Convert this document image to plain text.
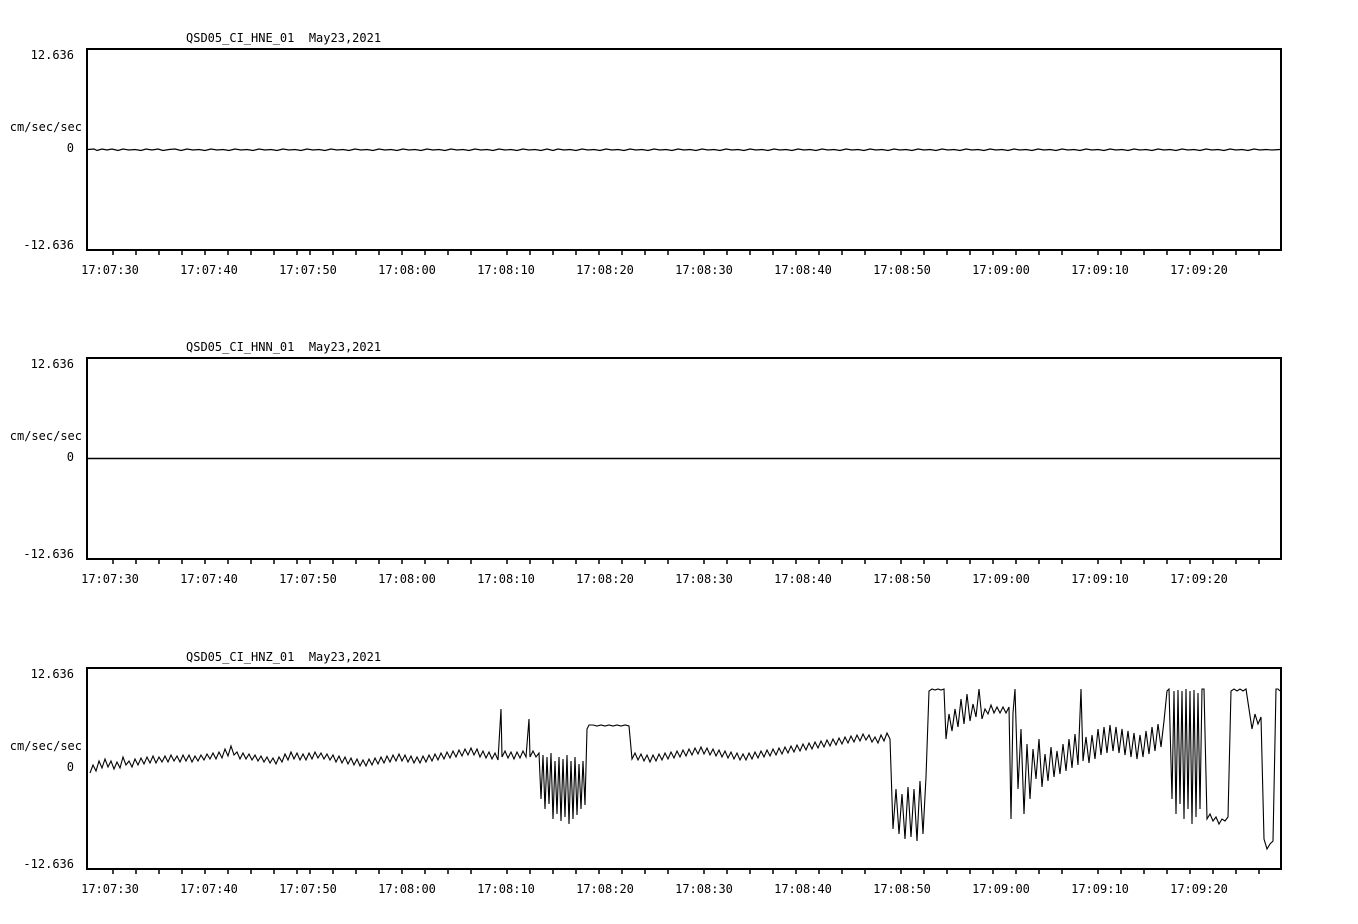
QSD05_CI_HNE_01  May23,2021
cm/sec/sec
12.636
0
-12.636
17:07:30	17:07:40	17:07:50	17:08:00	17:08:10	17:08:20	17:08:30	17:08:40	17:08:50	17:09:00	17:09:10	17:09:20
QSD05_CI_HNN_01  May23,2021
cm/sec/sec
12.636
0
-12.636
17:07:30	17:07:40	17:07:50	17:08:00	17:08:10	17:08:20	17:08:30	17:08:40	17:08:50	17:09:00	17:09:10	17:09:20
QSD05_CI_HNZ_01  May23,2021
cm/sec/sec
12.636
0
-12.636
17:07:30	17:07:40	17:07:50	17:08:00	17:08:10	17:08:20	17:08:30	17:08:40	17:08:50	17:09:00	17:09:10	17:09:20
